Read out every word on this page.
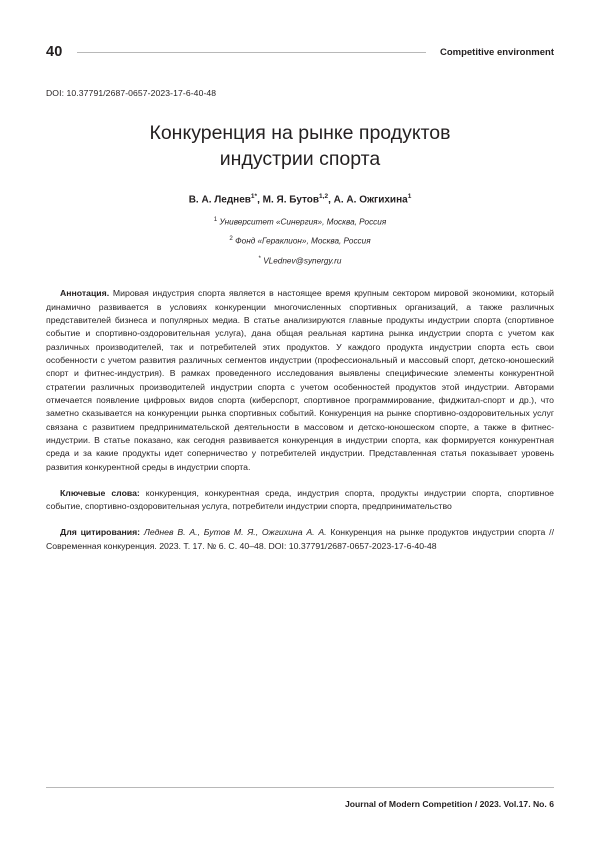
40	Competitive environment
DOI: 10.37791/2687-0657-2023-17-6-40-48
Конкуренция на рынке продуктов
индустрии спорта
В. А. Леднев$^{1*}$, М. Я. Бутов$^{1,2}$, А. А. Ожгихина$^1$
$^1$ Университет «Синергия», Москва, Россия
$^2$ Фонд «Гераклион», Москва, Россия
* VLednev@synergy.ru
Аннотация. Мировая индустрия спорта является в настоящее время крупным сектором мировой экономики, который динамично развивается в условиях конкуренции многочисленных спортивных организаций, а также различных представителей бизнеса и популярных медиа. В статье анализируются главные продукты индустрии спорта (спортивное событие и спортивно-оздоровительная услуга), дана общая реальная картина рынка индустрии спорта с учетом как различных производителей, так и потребителей этих продуктов. У каждого продукта индустрии спорта есть свои особенности с учетом развития различных сегментов индустрии (профессиональный и массовый спорт, детско-юношеский спорт и фитнес-индустрия). В рамках проведенного исследования выявлены специфические элементы конкурентной стратегии различных производителей индустрии спорта с учетом особенностей продуктов этой индустрии. Авторами отмечается появление цифровых видов спорта (киберспорт, спортивное программирование, фиджитал-спорт и др.), что заметно сказывается на конкуренции рынка спортивных событий. Конкуренция на рынке спортивно-оздоровительных услуг связана с развитием предпринимательской деятельности в массовом и детско-юношеском спорте, а также в фитнес-индустрии. В статье показано, как сегодня развивается конкуренция в индустрии спорта, как формируется конкурентная среда и за какие продукты идет соперничество у потребителей индустрии. Представленная статья показывает уровень развития конкурентной среды в индустрии спорта.
Ключевые слова: конкуренция, конкурентная среда, индустрия спорта, продукты индустрии спорта, спортивное событие, спортивно-оздоровительная услуга, потребители индустрии спорта, предпринимательство
Для цитирования: Леднев В. А., Бутов М. Я., Ожгихина А. А. Конкуренция на рынке продуктов индустрии спорта // Современная конкуренция. 2023. Т. 17. № 6. С. 40–48. DOI: 10.37791/2687-0657-2023-17-6-40-48
Journal of Modern Competition / 2023. Vol.17. No. 6
